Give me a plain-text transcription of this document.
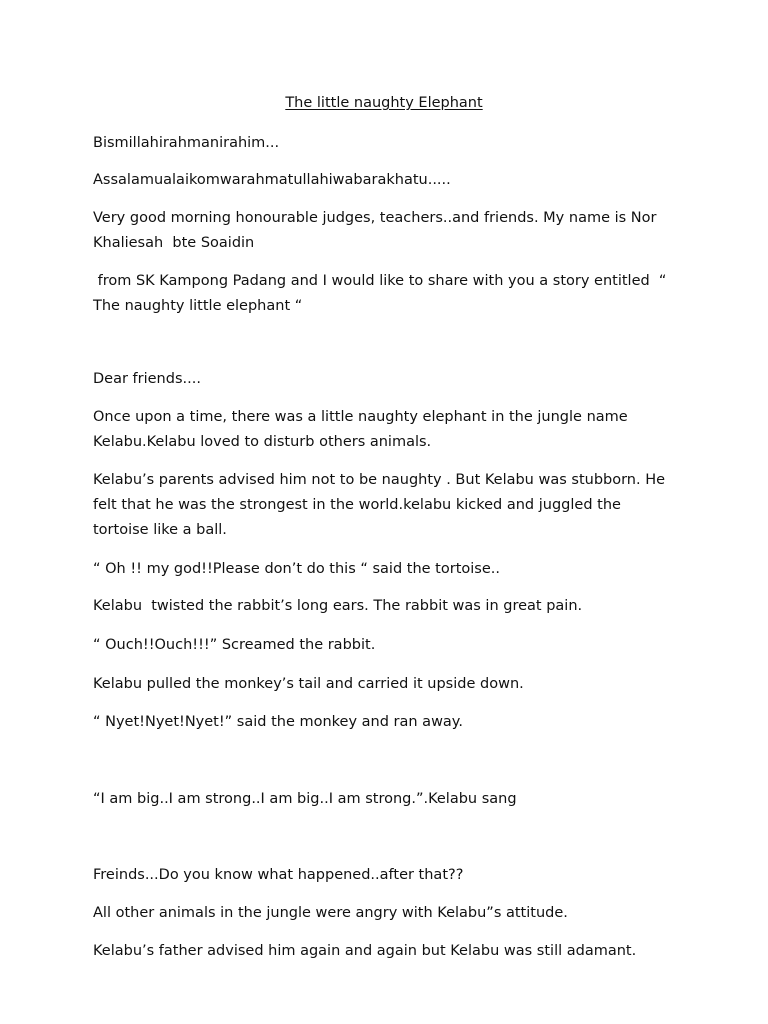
The little naughty Elephant
Bismillahirahmanirahim...
Assalamualaikomwarahmatullahiwabarakhatu.....
Very good morning honourable judges, teachers..and friends. My name is Nor
Khaliesah  bte Soaidin
from SK Kampong Padang and I would like to share with you a story entitled  “
The naughty little elephant “
Dear friends....
Once upon a time, there was a little naughty elephant in the jungle name
Kelabu.Kelabu loved to disturb others animals.
Kelabu’s parents advised him not to be naughty . But Kelabu was stubborn. He
felt that he was the strongest in the world.kelabu kicked and juggled the
tortoise like a ball.
“ Oh !! my god!!Please don’t do this “ said the tortoise..
Kelabu  twisted the rabbit’s long ears. The rabbit was in great pain.
“ Ouch!!Ouch!!!” Screamed the rabbit.
Kelabu pulled the monkey’s tail and carried it upside down.
“ Nyet!Nyet!Nyet!” said the monkey and ran away.
“I am big..I am strong..I am big..I am strong.”.Kelabu sang
Freinds...Do you know what happened..after that??
All other animals in the jungle were angry with Kelabu”s attitude.
Kelabu’s father advised him again and again but Kelabu was still adamant.
